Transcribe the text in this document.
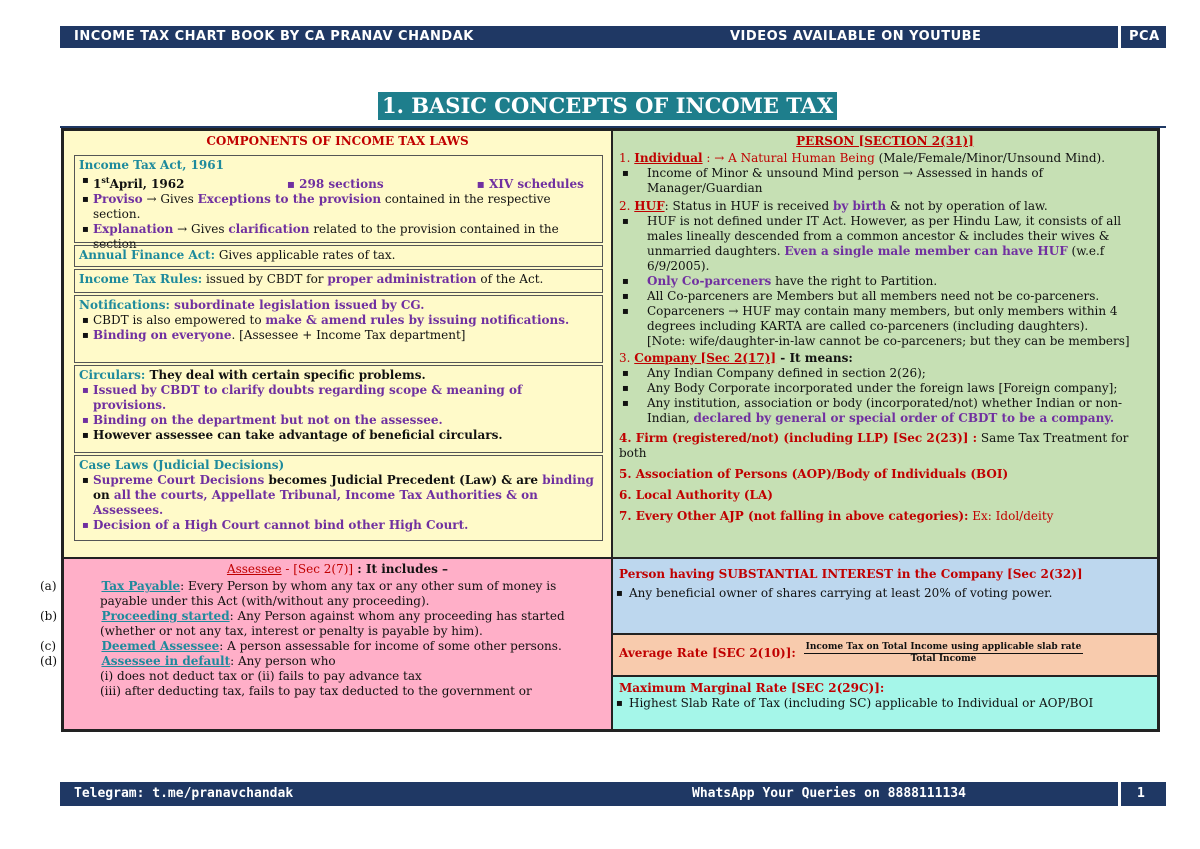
INCOME TAX CHART BOOK BY CA PRANAV CHANDAK	VIDEOS AVAILABLE ON YOUTUBE	PCA
1. BASIC CONCEPTS OF INCOME TAX
COMPONENTS OF INCOME TAX LAWS
Income Tax Act, 1961
▪ 1stApril, 1962	▪ 298 sections	▪ XIV schedules
▪ Proviso → Gives Exceptions to the provision contained in the respective section.
▪ Explanation → Gives clarification related to the provision contained in the section
Annual Finance Act: Gives applicable rates of tax.
Income Tax Rules: issued by CBDT for proper administration of the Act.
Notifications: subordinate legislation issued by CG.
▪ CBDT is also empowered to make & amend rules by issuing notifications.
▪ Binding on everyone. [Assessee + Income Tax department]
Circulars: They deal with certain specific problems.
▪ Issued by CBDT to clarify doubts regarding scope & meaning of provisions.
▪ Binding on the department but not on the assessee.
▪ However assessee can take advantage of beneficial circulars.
Case Laws (Judicial Decisions)
▪ Supreme Court Decisions becomes Judicial Precedent (Law) & are binding on all the courts, Appellate Tribunal, Income Tax Authorities & on Assessees.
▪ Decision of a High Court cannot bind other High Court.
PERSON [SECTION 2(31)]
1. Individual : → A Natural Human Being (Male/Female/Minor/Unsound Mind).
▪ Income of Minor & unsound Mind person → Assessed in hands of Manager/Guardian
2. HUF: Status in HUF is received by birth & not by operation of law.
▪ HUF is not defined under IT Act. However, as per Hindu Law, it consists of all males lineally descended from a common ancestor & includes their wives & unmarried daughters. Even a single male member can have HUF (w.e.f 6/9/2005).
▪ Only Co-parceners have the right to Partition.
▪ All Co-parceners are Members but all members need not be co-parceners.
▪ Coparceners → HUF may contain many members, but only members within 4 degrees including KARTA are called co-parceners (including daughters).
[Note: wife/daughter-in-law cannot be co-parceners; but they can be members]
3. Company [Sec 2(17)] - It means:
▪ Any Indian Company defined in section 2(26);
▪ Any Body Corporate incorporated under the foreign laws [Foreign company];
▪ Any institution, association or body (incorporated/not) whether Indian or non-Indian, declared by general or special order of CBDT to be a company.
4. Firm (registered/not) (including LLP) [Sec 2(23)] : Same Tax Treatment for both
5. Association of Persons (AOP)/Body of Individuals (BOI)
6. Local Authority (LA)
7. Every Other AJP (not falling in above categories): Ex: Idol/deity
Assessee - [Sec 2(7)] : It includes –
(a)	Tax Payable: Every Person by whom any tax or any other sum of money is payable under this Act (with/without any proceeding).
(b)	Proceeding started: Any Person against whom any proceeding has started (whether or not any tax, interest or penalty is payable by him).
(c)	Deemed Assessee: A person assessable for income of some other persons.
(d)	Assessee in default: Any person who
(i) does not deduct tax or (ii) fails to pay advance tax
(iii) after deducting tax, fails to pay tax deducted to the government or
Person having SUBSTANTIAL INTEREST in the Company [Sec 2(32)]
▪ Any beneficial owner of shares carrying at least 20% of voting power.
Average Rate [SEC 2(10)]: $\frac{\text{Income Tax on Total Income using applicable slab rate}}{\text{Total Income}}$
Maximum Marginal Rate [SEC 2(29C)]:
▪ Highest Slab Rate of Tax (including SC) applicable to Individual or AOP/BOI
Telegram: t.me/pranavchandak	WhatsApp Your Queries on 8888111134	1
